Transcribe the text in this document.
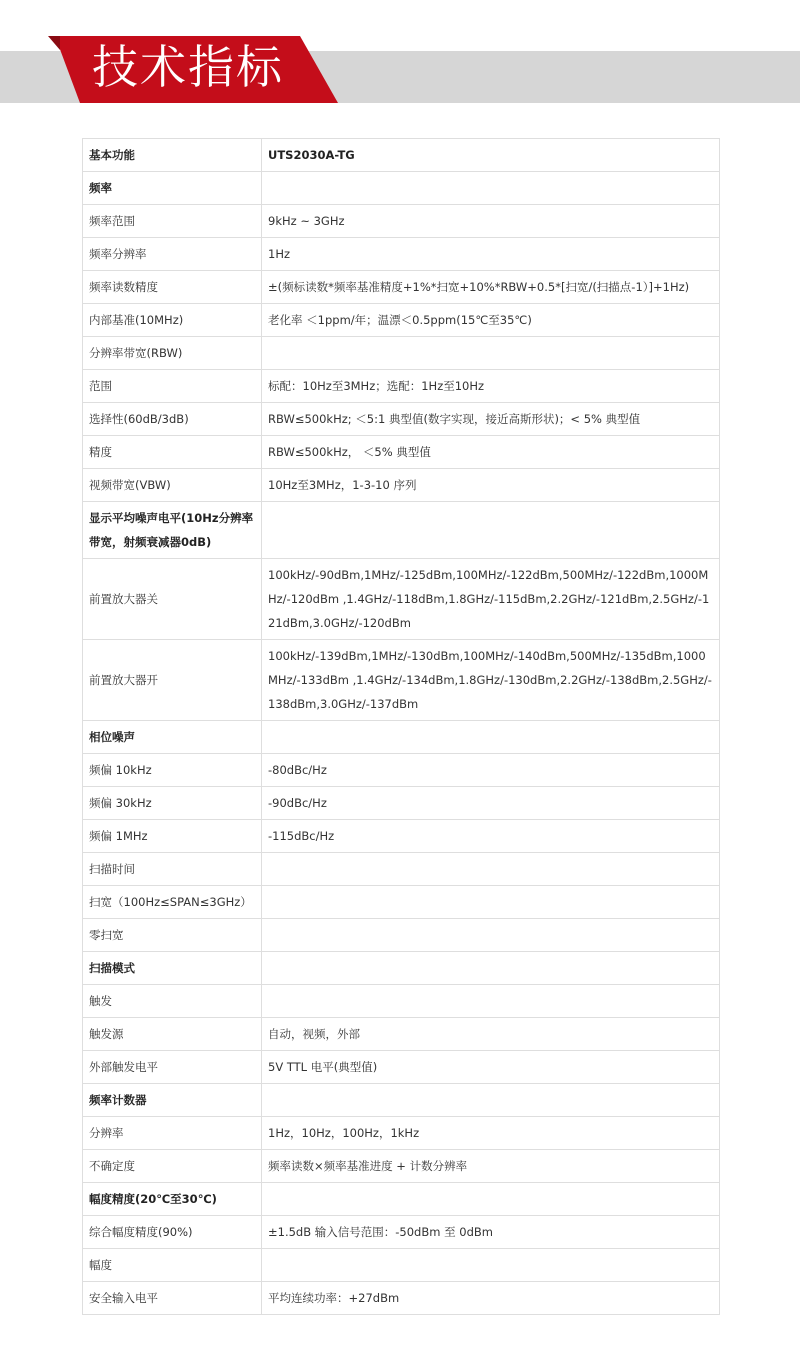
技术指标
基本功能	UTS2030A-TG
频率	
频率范围	9kHz ~ 3GHz
频率分辨率	1Hz
频率读数精度	±(频标读数*频率基准精度+1%*扫宽+10%*RBW+0.5*[扫宽/(扫描点-1）]+1Hz)
内部基准(10MHz)	老化率 ＜1ppm/年；温漂＜0.5ppm(15℃至35℃)
分辨率带宽(RBW)	
范围	标配：10Hz至3MHz；选配：1Hz至10Hz
选择性(60dB/3dB)	RBW≤500kHz; ＜5:1 典型值(数字实现，接近高斯形状)；< 5% 典型值
精度	RBW≤500kHz， ＜5% 典型值
视频带宽(VBW)	10Hz至3MHz，1-3-10 序列
显示平均噪声电平(10Hz分辨率带宽，射频衰减器0dB)	
前置放大器关	100kHz/-90dBm,1MHz/-125dBm,100MHz/-122dBm,500MHz/-122dBm,1000MHz/-120dBm ,1.4GHz/-118dBm,1.8GHz/-115dBm,2.2GHz/-121dBm,2.5GHz/-121dBm,3.0GHz/-120dBm
前置放大器开	100kHz/-139dBm,1MHz/-130dBm,100MHz/-140dBm,500MHz/-135dBm,1000MHz/-133dBm ,1.4GHz/-134dBm,1.8GHz/-130dBm,2.2GHz/-138dBm,2.5GHz/-138dBm,3.0GHz/-137dBm
相位噪声	
频偏 10kHz	-80dBc/Hz
频偏 30kHz	-90dBc/Hz
频偏 1MHz	-115dBc/Hz
扫描时间	
扫宽（100Hz≤SPAN≤3GHz）	
零扫宽	
扫描模式	
触发	
触发源	自动，视频，外部
外部触发电平	5V TTL 电平(典型值)
频率计数器	
分辨率	1Hz，10Hz，100Hz，1kHz
不确定度	频率读数×频率基准进度 + 计数分辨率
幅度精度(20℃至30℃)	
综合幅度精度(90%)	±1.5dB 输入信号范围：-50dBm 至 0dBm
幅度	
安全输入电平	平均连续功率：+27dBm
